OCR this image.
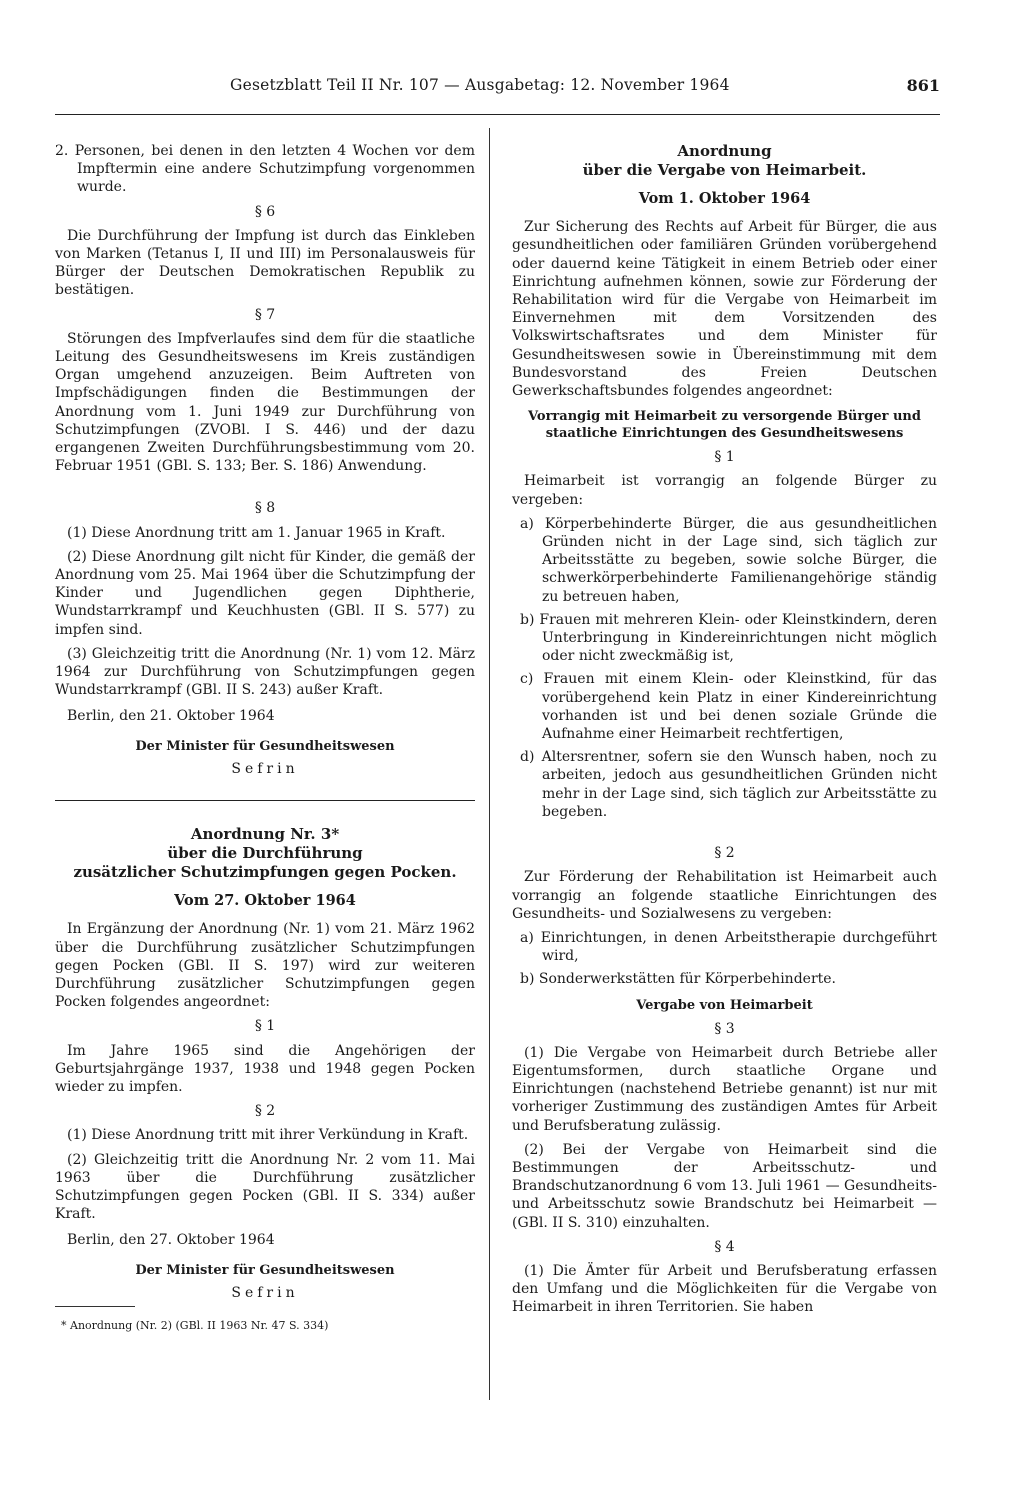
Gesetzblatt Teil II Nr. 107 — Ausgabetag: 12. November 1964	861

2. Personen, bei denen in den letzten 4 Wochen vor dem Impftermin eine andere Schutzimpfung vorgenommen wurde.

§ 6

Die Durchführung der Impfung ist durch das Einkleben von Marken (Tetanus I, II und III) im Personalausweis für Bürger der Deutschen Demokratischen Republik zu bestätigen.

§ 7

Störungen des Impfverlaufes sind dem für die staatliche Leitung des Gesundheitswesens im Kreis zuständigen Organ umgehend anzuzeigen. Beim Auftreten von Impfschädigungen finden die Bestimmungen der Anordnung vom 1. Juni 1949 zur Durchführung von Schutzimpfungen (ZVOBl. I S. 446) und der dazu ergangenen Zweiten Durchführungsbestimmung vom 20. Februar 1951 (GBl. S. 133; Ber. S. 186) Anwendung.

§ 8

(1) Diese Anordnung tritt am 1. Januar 1965 in Kraft.

(2) Diese Anordnung gilt nicht für Kinder, die gemäß der Anordnung vom 25. Mai 1964 über die Schutzimpfung der Kinder und Jugendlichen gegen Diphtherie, Wundstarrkrampf und Keuchhusten (GBl. II S. 577) zu impfen sind.

(3) Gleichzeitig tritt die Anordnung (Nr. 1) vom 12. März 1964 zur Durchführung von Schutzimpfungen gegen Wundstarrkrampf (GBl. II S. 243) außer Kraft.

Berlin, den 21. Oktober 1964

Der Minister für Gesundheitswesen
Sefrin
Anordnung Nr. 3*
über die Durchführung
zusätzlicher Schutzimpfungen gegen Pocken.
Vom 27. Oktober 1964

In Ergänzung der Anordnung (Nr. 1) vom 21. März 1962 über die Durchführung zusätzlicher Schutzimpfungen gegen Pocken (GBl. II S. 197) wird zur weiteren Durchführung zusätzlicher Schutzimpfungen gegen Pocken folgendes angeordnet:

§ 1

Im Jahre 1965 sind die Angehörigen der Geburtsjahrgänge 1937, 1938 und 1948 gegen Pocken wieder zu impfen.

§ 2

(1) Diese Anordnung tritt mit ihrer Verkündung in Kraft.

(2) Gleichzeitig tritt die Anordnung Nr. 2 vom 11. Mai 1963 über die Durchführung zusätzlicher Schutzimpfungen gegen Pocken (GBl. II S. 334) außer Kraft.

Berlin, den 27. Oktober 1964

Der Minister für Gesundheitswesen
Sefrin
* Anordnung (Nr. 2) (GBl. II 1963 Nr. 47 S. 334)
Anordnung
über die Vergabe von Heimarbeit.
Vom 1. Oktober 1964

Zur Sicherung des Rechts auf Arbeit für Bürger, die aus gesundheitlichen oder familiären Gründen vorübergehend oder dauernd keine Tätigkeit in einem Betrieb oder einer Einrichtung aufnehmen können, sowie zur Förderung der Rehabilitation wird für die Vergabe von Heimarbeit im Einvernehmen mit dem Vorsitzenden des Volkswirtschaftsrates und dem Minister für Gesundheitswesen sowie in Übereinstimmung mit dem Bundesvorstand des Freien Deutschen Gewerkschaftsbundes folgendes angeordnet:

Vorrangig mit Heimarbeit zu versorgende Bürger und staatliche Einrichtungen des Gesundheitswesens
§ 1

Heimarbeit ist vorrangig an folgende Bürger zu vergeben:

a) Körperbehinderte Bürger, die aus gesundheitlichen Gründen nicht in der Lage sind, sich täglich zur Arbeitsstätte zu begeben, sowie solche Bürger, die schwerkörperbehinderte Familienangehörige ständig zu betreuen haben,

b) Frauen mit mehreren Klein- oder Kleinstkindern, deren Unterbringung in Kindereinrichtungen nicht möglich oder nicht zweckmäßig ist,

c) Frauen mit einem Klein- oder Kleinstkind, für das vorübergehend kein Platz in einer Kindereinrichtung vorhanden ist und bei denen soziale Gründe die Aufnahme einer Heimarbeit rechtfertigen,

d) Altersrentner, sofern sie den Wunsch haben, noch zu arbeiten, jedoch aus gesundheitlichen Gründen nicht mehr in der Lage sind, sich täglich zur Arbeitsstätte zu begeben.

§ 2

Zur Förderung der Rehabilitation ist Heimarbeit auch vorrangig an folgende staatliche Einrichtungen des Gesundheits- und Sozialwesens zu vergeben:

a) Einrichtungen, in denen Arbeitstherapie durchgeführt wird,

b) Sonderwerkstätten für Körperbehinderte.

Vergabe von Heimarbeit
§ 3

(1) Die Vergabe von Heimarbeit durch Betriebe aller Eigentumsformen, durch staatliche Organe und Einrichtungen (nachstehend Betriebe genannt) ist nur mit vorheriger Zustimmung des zuständigen Amtes für Arbeit und Berufsberatung zulässig.

(2) Bei der Vergabe von Heimarbeit sind die Bestimmungen der Arbeitsschutz- und Brandschutzanordnung 6 vom 13. Juli 1961 — Gesundheits- und Arbeitsschutz sowie Brandschutz bei Heimarbeit — (GBl. II S. 310) einzuhalten.

§ 4

(1) Die Ämter für Arbeit und Berufsberatung erfassen den Umfang und die Möglichkeiten für die Vergabe von Heimarbeit in ihren Territorien. Sie haben
